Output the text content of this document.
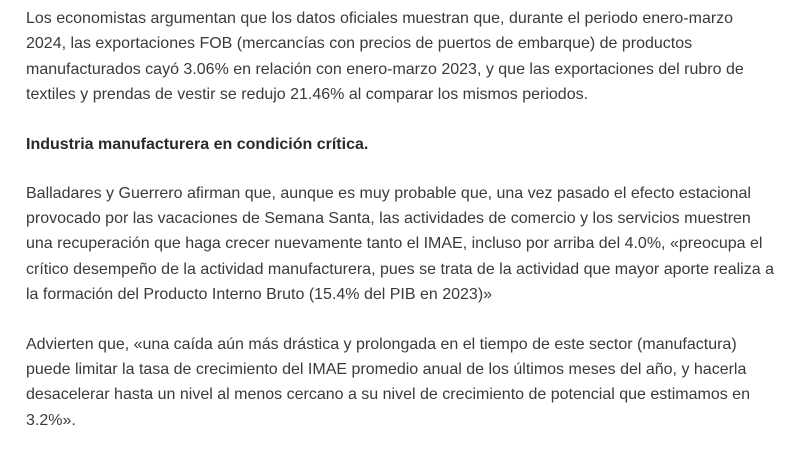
Los economistas argumentan que los datos oficiales muestran que, durante el periodo enero-marzo
2024, las exportaciones FOB (mercancías con precios de puertos de embarque) de productos
manufacturados cayó 3.06% en relación con enero-marzo 2023, y que las exportaciones del rubro de
textiles y prendas de vestir se redujo 21.46% al comparar los mismos periodos.

Industria manufacturera en condición crítica.

Balladares y Guerrero afirman que, aunque es muy probable que, una vez pasado el efecto estacional
provocado por las vacaciones de Semana Santa, las actividades de comercio y los servicios muestren
una recuperación que haga crecer nuevamente tanto el IMAE, incluso por arriba del 4.0%, «preocupa el
crítico desempeño de la actividad manufacturera, pues se trata de la actividad que mayor aporte realiza a
la formación del Producto Interno Bruto (15.4% del PIB en 2023)»

Advierten que, «una caída aún más drástica y prolongada en el tiempo de este sector (manufactura)
puede limitar la tasa de crecimiento del IMAE promedio anual de los últimos meses del año, y hacerla
desacelerar hasta un nivel al menos cercano a su nivel de crecimiento de potencial que estimamos en
3.2%».
